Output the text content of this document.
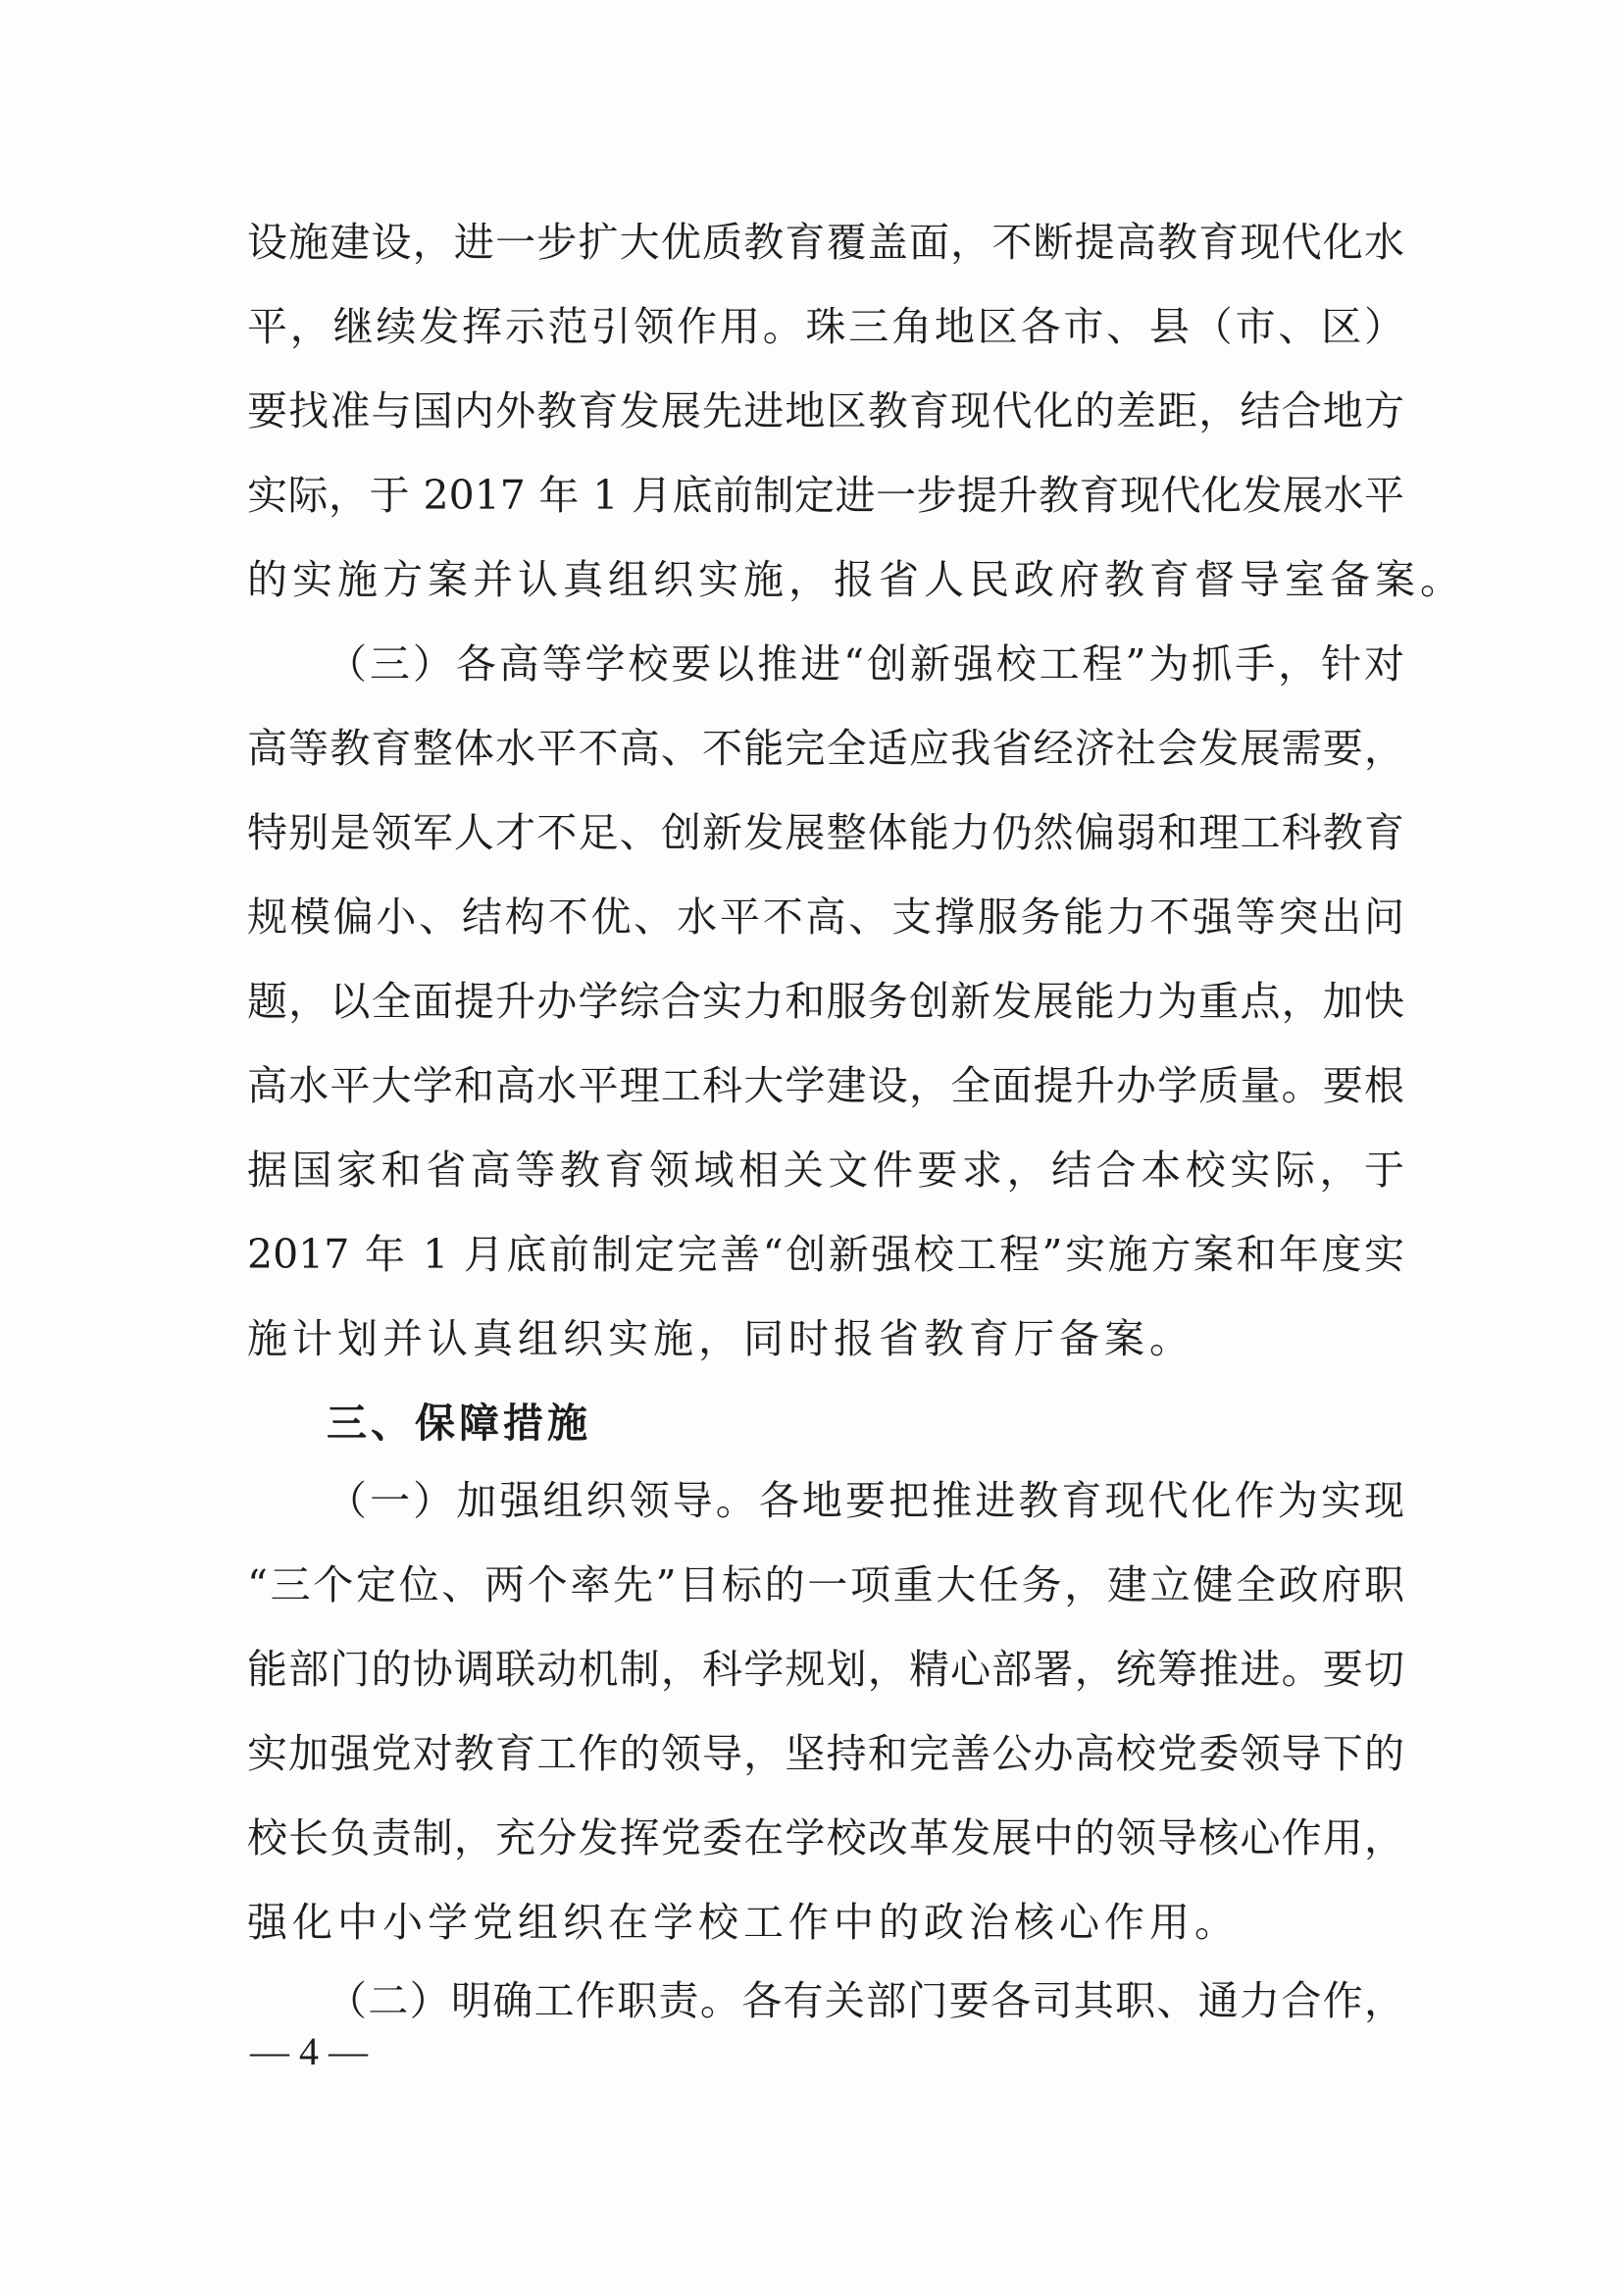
设施建设，进一步扩大优质教育覆盖面，不断提高教育现代化水
平，继续发挥示范引领作用。珠三角地区各市、县（市、区）
要找准与国内外教育发展先进地区教育现代化的差距，结合地方
实际，于 2017 年 1 月底前制定进一步提升教育现代化发展水平
的实施方案并认真组织实施，报省人民政府教育督导室备案。
（三）各高等学校要以推进“创新强校工程”为抓手，针对
高等教育整体水平不高、不能完全适应我省经济社会发展需要，
特别是领军人才不足、创新发展整体能力仍然偏弱和理工科教育
规模偏小、结构不优、水平不高、支撑服务能力不强等突出问
题，以全面提升办学综合实力和服务创新发展能力为重点，加快
高水平大学和高水平理工科大学建设，全面提升办学质量。要根
据国家和省高等教育领域相关文件要求，结合本校实际，于
2017 年 1 月底前制定完善“创新强校工程”实施方案和年度实
施计划并认真组织实施，同时报省教育厅备案。
三、保障措施
（一）加强组织领导。各地要把推进教育现代化作为实现
“三个定位、两个率先”目标的一项重大任务，建立健全政府职
能部门的协调联动机制，科学规划，精心部署，统筹推进。要切
实加强党对教育工作的领导，坚持和完善公办高校党委领导下的
校长负责制，充分发挥党委在学校改革发展中的领导核心作用，
强化中小学党组织在学校工作中的政治核心作用。
（二）明确工作职责。各有关部门要各司其职、通力合作，
— 4 —
